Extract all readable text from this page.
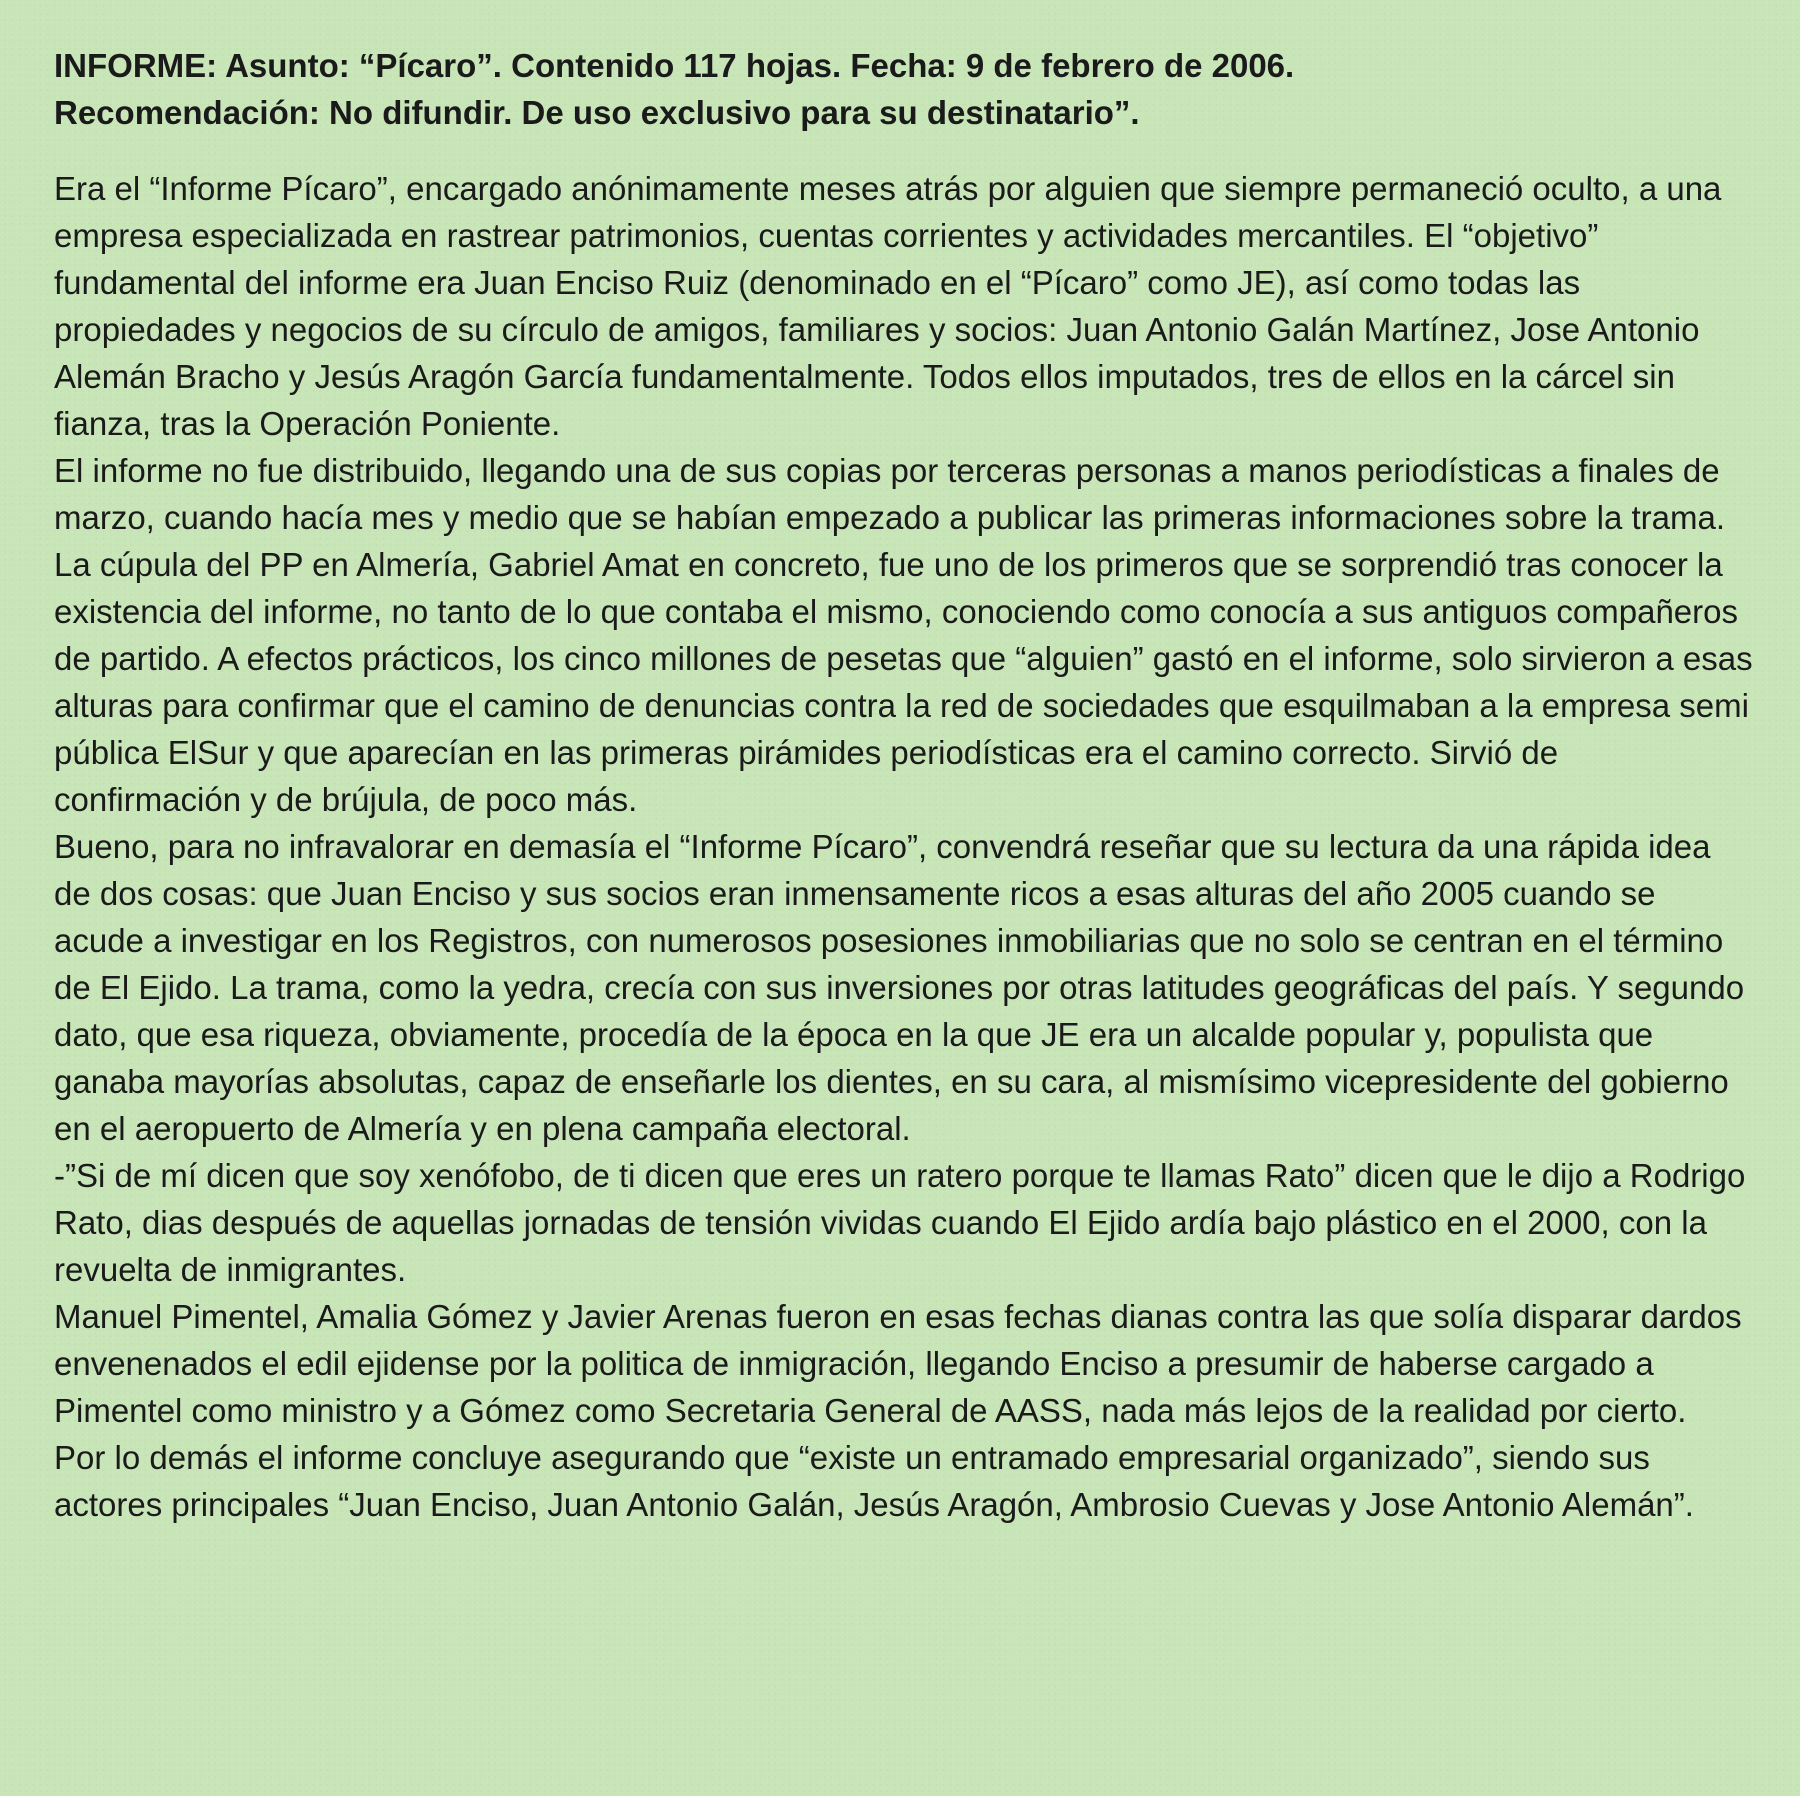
INFORME: Asunto: “Pícaro”. Contenido 117 hojas. Fecha: 9 de febrero de 2006.
Recomendación: No difundir. De uso exclusivo para su destinatario”.

Era el “Informe Pícaro”, encargado anónimamente meses atrás por alguien que siempre permaneció oculto, a una empresa especializada en rastrear patrimonios, cuentas corrientes y actividades mercantiles. El “objetivo” fundamental del informe era Juan Enciso Ruiz (denominado en el “Pícaro” como JE), así como todas las propiedades y negocios de su círculo de amigos, familiares y socios: Juan Antonio Galán Martínez, Jose Antonio Alemán Bracho y Jesús Aragón García fundamentalmente. Todos ellos imputados, tres de ellos en la cárcel sin fianza, tras la Operación Poniente.

El informe no fue distribuido, llegando una de sus copias por terceras personas a manos periodísticas a finales de marzo, cuando hacía mes y medio que se habían empezado a publicar las primeras informaciones sobre la trama. La cúpula del PP en Almería, Gabriel Amat en concreto, fue uno de los primeros que se sorprendió tras conocer la existencia del informe, no tanto de lo que contaba el mismo, conociendo como conocía a sus antiguos compañeros de partido. A efectos prácticos, los cinco millones de pesetas que “alguien” gastó en el informe, solo sirvieron a esas alturas para confirmar que el camino de denuncias contra la red de sociedades que esquilmaban a la empresa semi pública ElSur y que aparecían en las primeras pirámides periodísticas era el camino correcto. Sirvió de confirmación y de brújula, de poco más.

Bueno, para no infravalorar en demasía el “Informe Pícaro”, convendrá reseñar que su lectura da una rápida idea de dos cosas: que Juan Enciso y sus socios eran inmensamente ricos a esas alturas del año 2005 cuando se acude a investigar en los Registros, con numerosos posesiones inmobiliarias que no solo se centran en el término de El Ejido. La trama, como la yedra, crecía con sus inversiones por otras latitudes geográficas del país. Y segundo dato, que esa riqueza, obviamente, procedía de la época en la que JE era un alcalde popular y, populista que ganaba mayorías absolutas, capaz de enseñarle los dientes, en su cara, al mismísimo vicepresidente del gobierno en el aeropuerto de Almería y en plena campaña electoral.

-”Si de mí dicen que soy xenófobo, de ti dicen que eres un ratero porque te llamas Rato” dicen que le dijo a Rodrigo Rato, dias después de aquellas jornadas de tensión vividas cuando El Ejido ardía bajo plástico en el 2000, con la revuelta de inmigrantes.

Manuel Pimentel, Amalia Gómez y Javier Arenas fueron en esas fechas dianas contra las que solía disparar dardos envenenados el edil ejidense por la politica de inmigración, llegando Enciso a presumir de haberse cargado a Pimentel como ministro y a Gómez como Secretaria General de AASS, nada más lejos de la realidad por cierto.

Por lo demás el informe concluye asegurando que “existe un entramado empresarial organizado”, siendo sus actores principales “Juan Enciso, Juan Antonio Galán, Jesús Aragón, Ambrosio Cuevas y Jose Antonio Alemán”.
